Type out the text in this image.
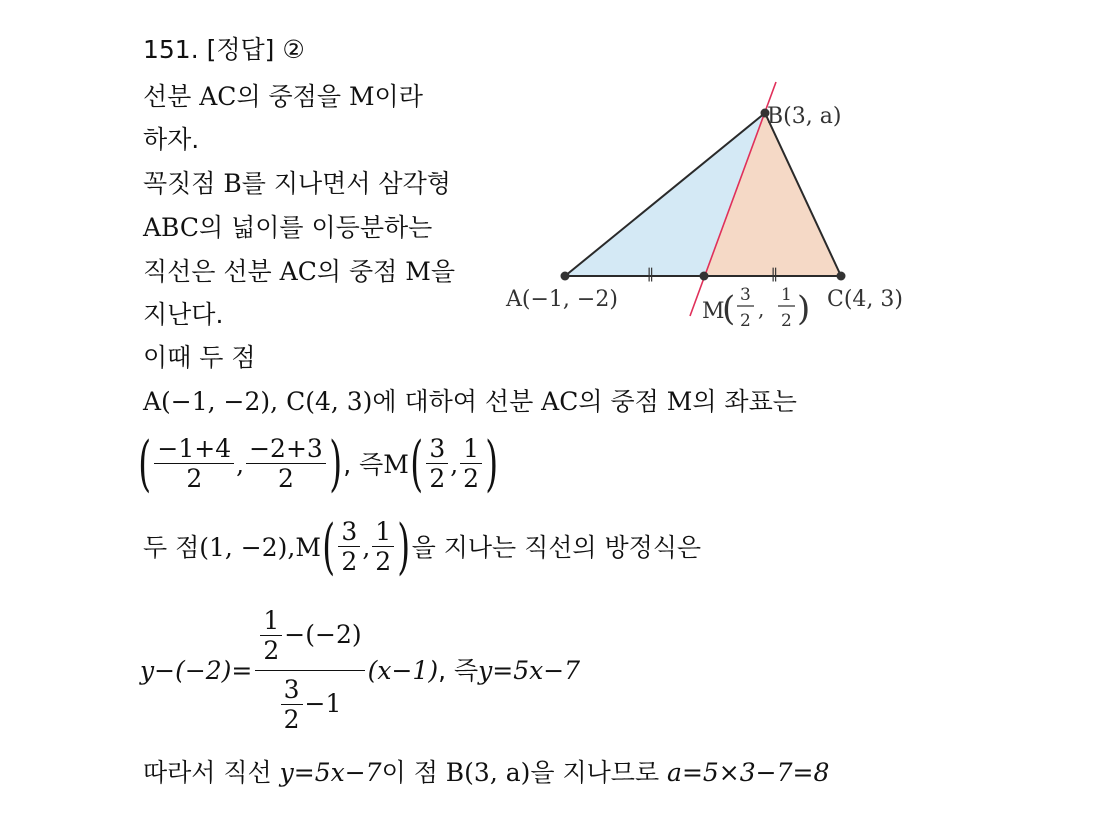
151. [정답] ②
선분 AC의 중점을 M이라
하자.
꼭짓점 B를 지나면서 삼각형
ABC의 넓이를 이등분하는
직선은 선분 AC의 중점 M을
지난다.
이때 두 점
∥	∥
B(3, a)
A(−1, −2)	C(4, 3)
M
( 3
2 ,
1
2 )
A(−1, −2), C(4, 3)에 대하여 선분 AC의 중점 M의 좌표는
( $\frac{-1+4}{2}$ , $\frac{-2+3}{2}$ ) , 즉 M ( $\frac{3}{2}$ , $\frac{1}{2}$ )
두 점 (1, −2) , M ( $\frac{3}{2}$ , $\frac{1}{2}$ ) 을 지나는 직선의 방정식은
$y-(-2)= \frac{\frac{1}{2} -(-2)}{\frac{3}{2} -1} (x-1)$ , 즉 y=5x−7
따라서 직선 y=5x−7이 점 B(3, a)을 지나므로 a=5×3−7=8
